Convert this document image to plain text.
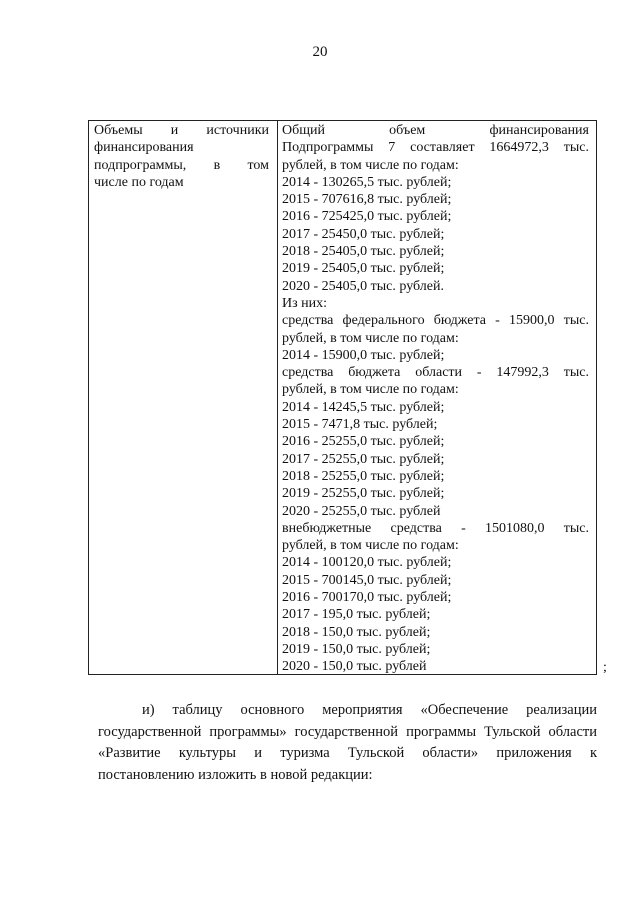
20
Объемы и источники
финансирования
подпрограммы, в том
числе по годам
Общий объем финансирования
Подпрограммы 7 составляет 1664972,3 тыс.
рублей, в том числе по годам:
2014 - 130265,5 тыс. рублей;
2015 - 707616,8 тыс. рублей;
2016 - 725425,0 тыс. рублей;
2017 - 25450,0 тыс. рублей;
2018 - 25405,0 тыс. рублей;
2019 - 25405,0 тыс. рублей;
2020 - 25405,0 тыс. рублей.
Из них:
средства федерального бюджета - 15900,0 тыс.
рублей, в том числе по годам:
2014 - 15900,0 тыс. рублей;
средства бюджета области - 147992,3 тыс.
рублей, в том числе по годам:
2014 - 14245,5 тыс. рублей;
2015 - 7471,8 тыс. рублей;
2016 - 25255,0 тыс. рублей;
2017 - 25255,0 тыс. рублей;
2018 - 25255,0 тыс. рублей;
2019 - 25255,0 тыс. рублей;
2020 - 25255,0 тыс. рублей
внебюджетные средства - 1501080,0 тыс.
рублей, в том числе по годам:
2014 - 100120,0 тыс. рублей;
2015 - 700145,0 тыс. рублей;
2016 - 700170,0 тыс. рублей;
2017 - 195,0 тыс. рублей;
2018 - 150,0 тыс. рублей;
2019 - 150,0 тыс. рублей;
2020 - 150,0 тыс. рублей	;
и) таблицу основного мероприятия «Обеспечение реализации
государственной программы» государственной программы Тульской области
«Развитие культуры и туризма Тульской области» приложения к
постановлению изложить в новой редакции:
